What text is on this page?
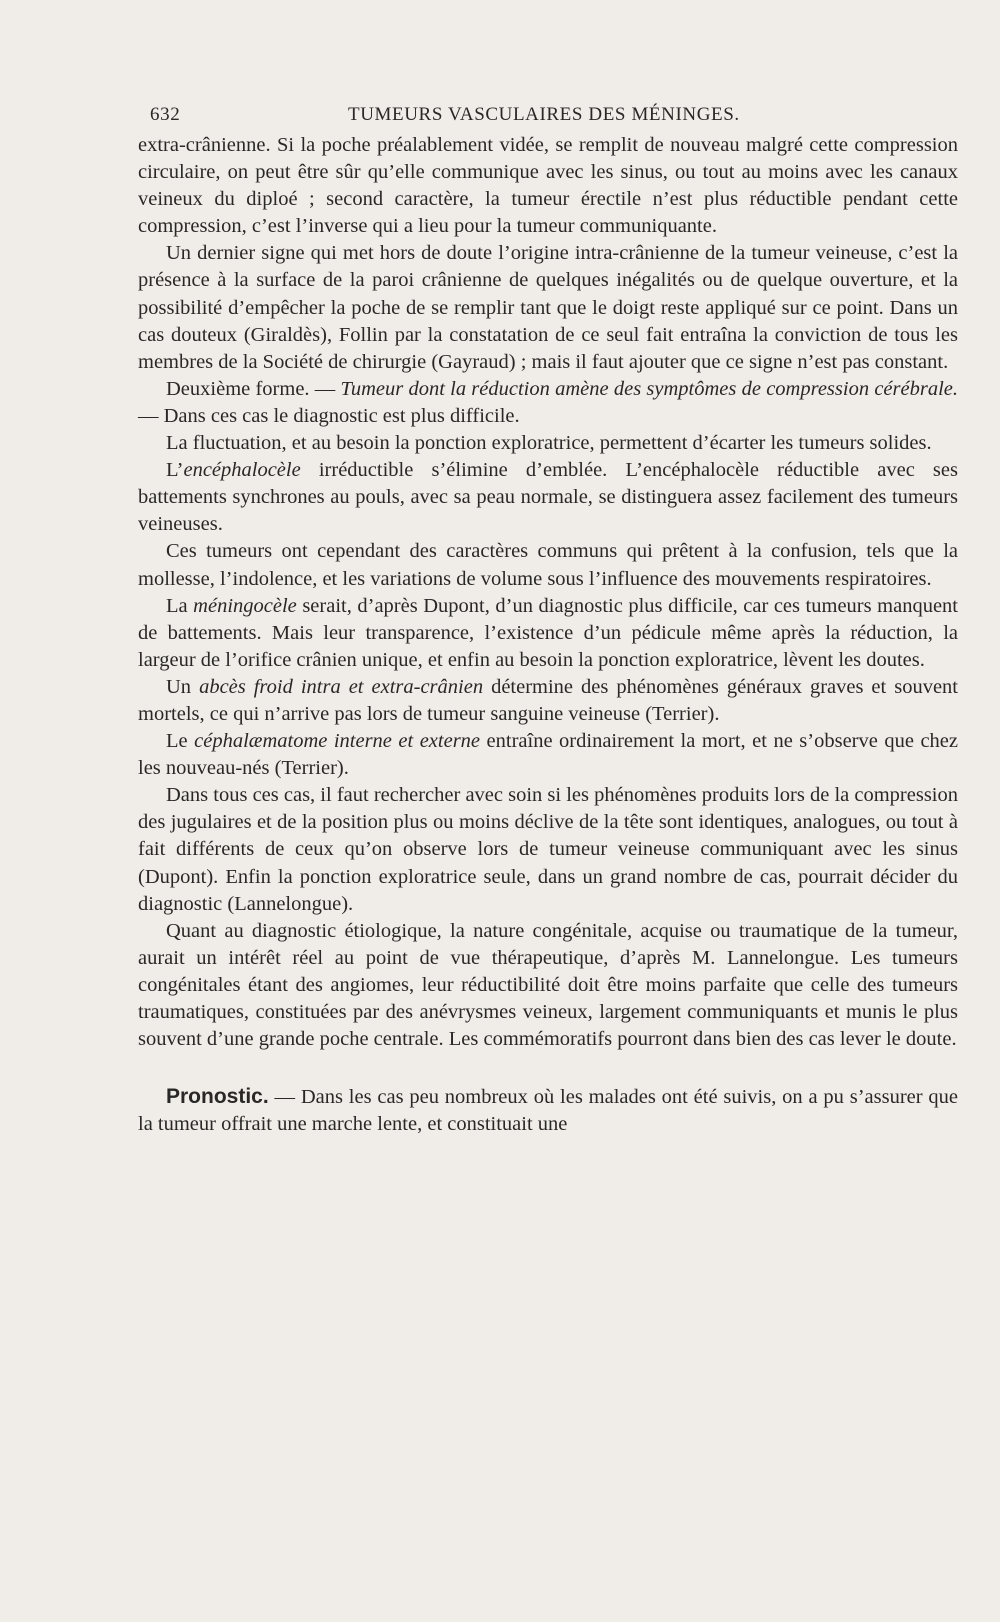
632	TUMEURS VASCULAIRES DES MÉNINGES.

extra-crânienne. Si la poche préalablement vidée, se remplit de nouveau malgré cette compression circulaire, on peut être sûr qu’elle communique avec les sinus, ou tout au moins avec les canaux veineux du diploé ; second caractère, la tumeur érectile n’est plus réductible pendant cette compression, c’est l’inverse qui a lieu pour la tumeur communiquante.

Un dernier signe qui met hors de doute l’origine intra-crânienne de la tumeur veineuse, c’est la présence à la surface de la paroi crânienne de quelques inégalités ou de quelque ouverture, et la possibilité d’empêcher la poche de se remplir tant que le doigt reste appliqué sur ce point. Dans un cas douteux (Giraldès), Follin par la constatation de ce seul fait entraîna la conviction de tous les membres de la Société de chirurgie (Gayraud) ; mais il faut ajouter que ce signe n’est pas constant.

Deuxième forme. — Tumeur dont la réduction amène des symptômes de compression cérébrale. — Dans ces cas le diagnostic est plus difficile.

La fluctuation, et au besoin la ponction exploratrice, permettent d’écarter les tumeurs solides.

L’encéphalocèle irréductible s’élimine d’emblée. L’encéphalocèle réductible avec ses battements synchrones au pouls, avec sa peau normale, se distinguera assez facilement des tumeurs veineuses.

Ces tumeurs ont cependant des caractères communs qui prêtent à la confusion, tels que la mollesse, l’indolence, et les variations de volume sous l’influence des mouvements respiratoires.

La méningocèle serait, d’après Dupont, d’un diagnostic plus difficile, car ces tumeurs manquent de battements. Mais leur transparence, l’existence d’un pédicule même après la réduction, la largeur de l’orifice crânien unique, et enfin au besoin la ponction exploratrice, lèvent les doutes.

Un abcès froid intra et extra-crânien détermine des phénomènes généraux graves et souvent mortels, ce qui n’arrive pas lors de tumeur sanguine veineuse (Terrier).

Le céphalæmatome interne et externe entraîne ordinairement la mort, et ne s’observe que chez les nouveau-nés (Terrier).

Dans tous ces cas, il faut rechercher avec soin si les phénomènes produits lors de la compression des jugulaires et de la position plus ou moins déclive de la tête sont identiques, analogues, ou tout à fait différents de ceux qu’on observe lors de tumeur veineuse communiquant avec les sinus (Dupont). Enfin la ponction exploratrice seule, dans un grand nombre de cas, pourrait décider du diagnostic (Lannelongue).

Quant au diagnostic étiologique, la nature congénitale, acquise ou traumatique de la tumeur, aurait un intérêt réel au point de vue thérapeutique, d’après M. Lannelongue. Les tumeurs congénitales étant des angiomes, leur réductibilité doit être moins parfaite que celle des tumeurs traumatiques, constituées par des anévrysmes veineux, largement communiquants et munis le plus souvent d’une grande poche centrale. Les commémoratifs pourront dans bien des cas lever le doute.

Pronostic. — Dans les cas peu nombreux où les malades ont été suivis, on a pu s’assurer que la tumeur offrait une marche lente, et constituait une
